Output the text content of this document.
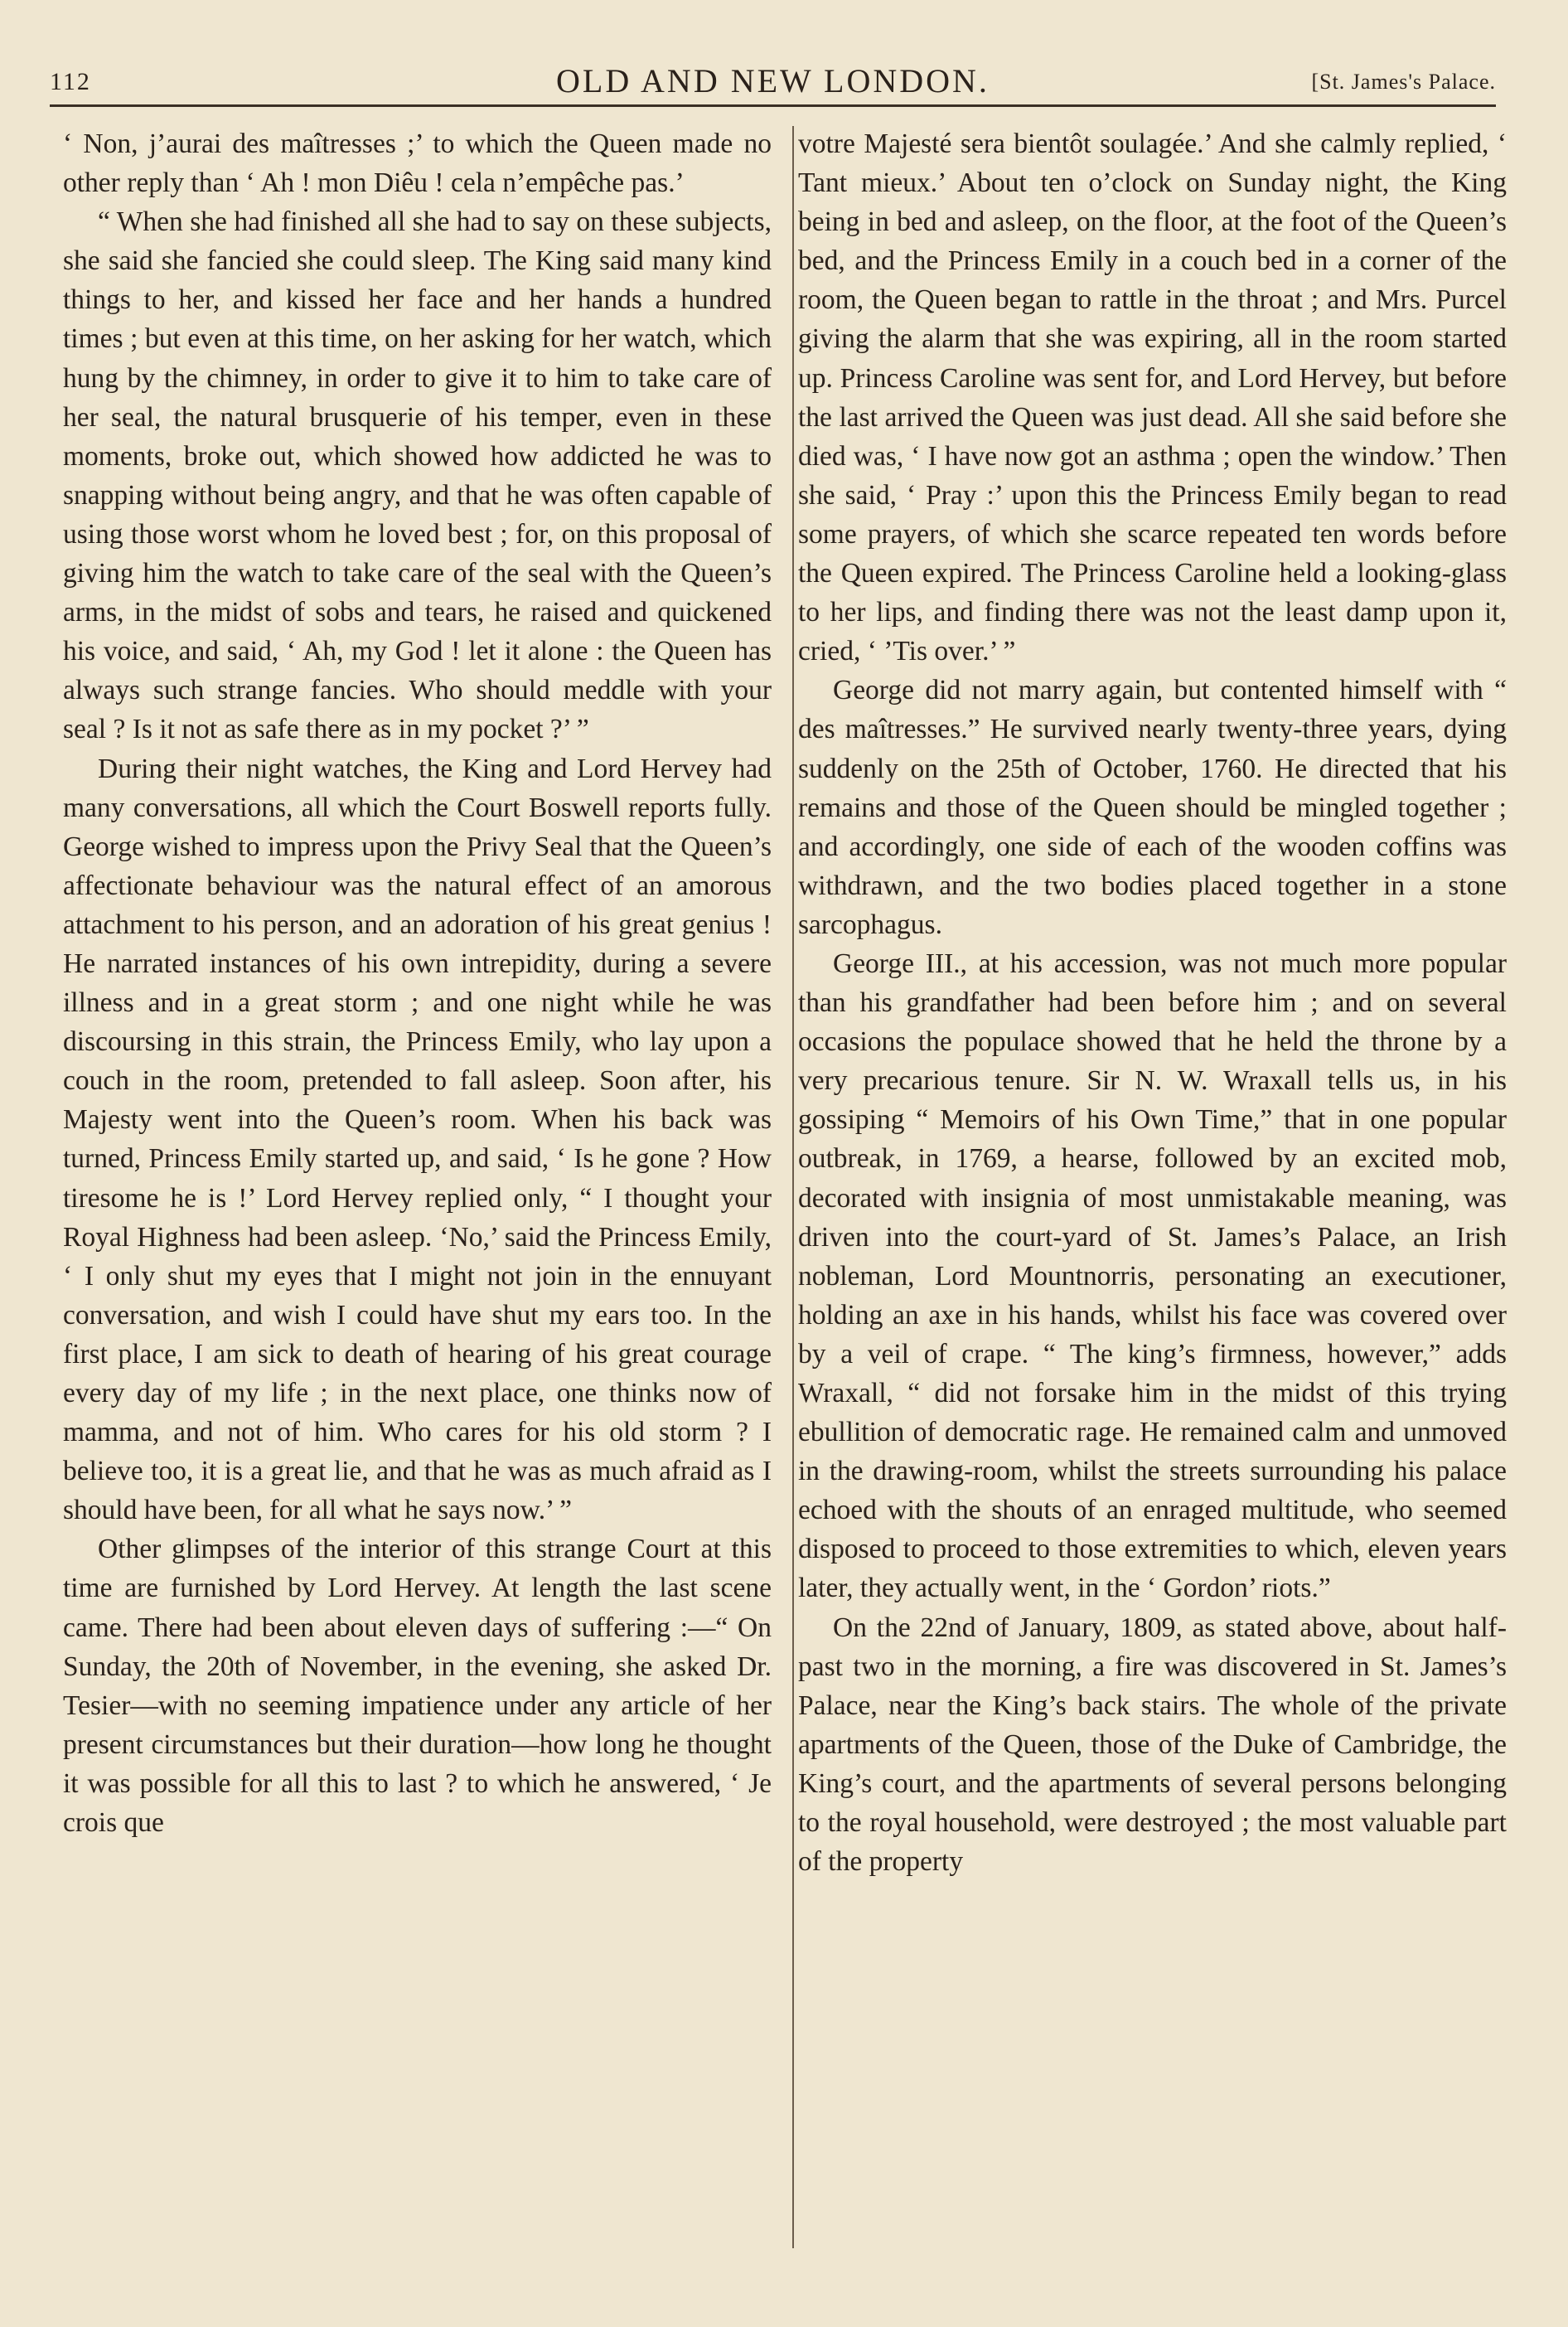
112	OLD AND NEW LONDON.	[St. James's Palace.

‘ Non, j’aurai des maîtresses ;’ to which the Queen made no other reply than ‘ Ah ! mon Diêu ! cela n’empêche pas.’

“ When she had finished all she had to say on these subjects, she said she fancied she could sleep. The King said many kind things to her, and kissed her face and her hands a hundred times ; but even at this time, on her asking for her watch, which hung by the chimney, in order to give it to him to take care of her seal, the natural brusquerie of his temper, even in these moments, broke out, which showed how addicted he was to snapping without being angry, and that he was often capable of using those worst whom he loved best ; for, on this proposal of giving him the watch to take care of the seal with the Queen’s arms, in the midst of sobs and tears, he raised and quickened his voice, and said, ‘ Ah, my God ! let it alone : the Queen has always such strange fancies. Who should meddle with your seal ? Is it not as safe there as in my pocket ?’ ”

During their night watches, the King and Lord Hervey had many conversations, all which the Court Boswell reports fully. George wished to impress upon the Privy Seal that the Queen’s affectionate behaviour was the natural effect of an amorous attachment to his person, and an adoration of his great genius ! He narrated instances of his own intrepidity, during a severe illness and in a great storm ; and one night while he was discoursing in this strain, the Princess Emily, who lay upon a couch in the room, pretended to fall asleep. Soon after, his Majesty went into the Queen’s room. When his back was turned, Princess Emily started up, and said, ‘ Is he gone ? How tiresome he is !’ Lord Hervey replied only, “ I thought your Royal Highness had been asleep. ‘No,’ said the Princess Emily, ‘ I only shut my eyes that I might not join in the ennuyant conversation, and wish I could have shut my ears too. In the first place, I am sick to death of hearing of his great courage every day of my life ; in the next place, one thinks now of mamma, and not of him. Who cares for his old storm ? I believe too, it is a great lie, and that he was as much afraid as I should have been, for all what he says now.’ ”

Other glimpses of the interior of this strange Court at this time are furnished by Lord Hervey. At length the last scene came. There had been about eleven days of suffering :—“ On Sunday, the 20th of November, in the evening, she asked Dr. Tesier—with no seeming impatience under any article of her present circumstances but their duration—how long he thought it was possible for all this to last ? to which he answered, ‘ Je crois que

votre Majesté sera bientôt soulagée.’ And she calmly replied, ‘ Tant mieux.’ About ten o’clock on Sunday night, the King being in bed and asleep, on the floor, at the foot of the Queen’s bed, and the Princess Emily in a couch bed in a corner of the room, the Queen began to rattle in the throat ; and Mrs. Purcel giving the alarm that she was expiring, all in the room started up. Princess Caroline was sent for, and Lord Hervey, but before the last arrived the Queen was just dead. All she said before she died was, ‘ I have now got an asthma ; open the window.’ Then she said, ‘ Pray :’ upon this the Princess Emily began to read some prayers, of which she scarce repeated ten words before the Queen expired. The Princess Caroline held a looking-glass to her lips, and finding there was not the least damp upon it, cried, ‘ ’Tis over.’ ”

George did not marry again, but contented himself with “ des maîtresses.” He survived nearly twenty-three years, dying suddenly on the 25th of October, 1760. He directed that his remains and those of the Queen should be mingled together ; and accordingly, one side of each of the wooden coffins was withdrawn, and the two bodies placed together in a stone sarcophagus.

George III., at his accession, was not much more popular than his grandfather had been before him ; and on several occasions the populace showed that he held the throne by a very precarious tenure. Sir N. W. Wraxall tells us, in his gossiping “ Memoirs of his Own Time,” that in one popular outbreak, in 1769, a hearse, followed by an excited mob, decorated with insignia of most unmistakable meaning, was driven into the court-yard of St. James’s Palace, an Irish nobleman, Lord Mountnorris, personating an executioner, holding an axe in his hands, whilst his face was covered over by a veil of crape. “ The king’s firmness, however,” adds Wraxall, “ did not forsake him in the midst of this trying ebullition of democratic rage. He remained calm and unmoved in the drawing-room, whilst the streets surrounding his palace echoed with the shouts of an enraged multitude, who seemed disposed to proceed to those extremities to which, eleven years later, they actually went, in the ‘ Gordon’ riots.”

On the 22nd of January, 1809, as stated above, about half-past two in the morning, a fire was discovered in St. James’s Palace, near the King’s back stairs. The whole of the private apartments of the Queen, those of the Duke of Cambridge, the King’s court, and the apartments of several persons belonging to the royal household, were destroyed ; the most valuable part of the property
